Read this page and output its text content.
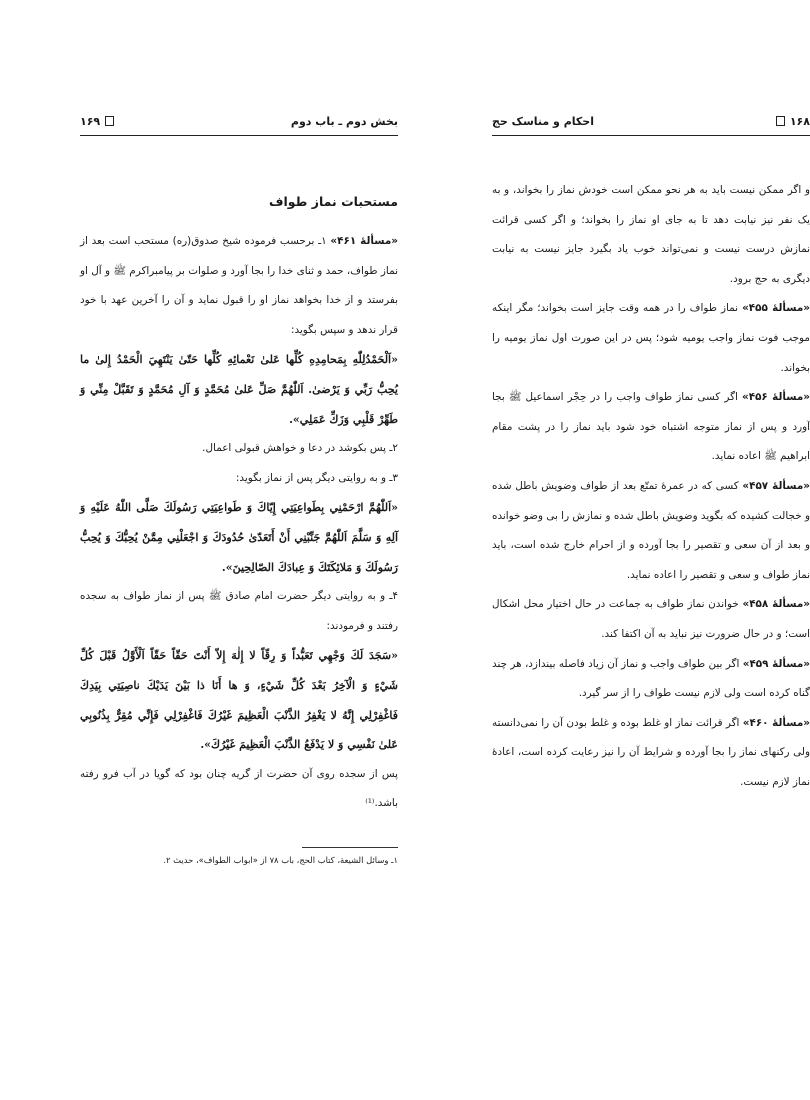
۱۶۸
احکام و مناسک حج

و اگر ممکن نیست باید به هر نحو ممکن است خودش نماز را بخواند، و به یک نفر نیز نیابت دهد تا به جای او نماز را بخواند؛ و اگر کسی قرائت نمازش درست نیست و نمی‌تواند خوب یاد بگیرد جایز نیست به نیابت دیگری به حج برود.

«مسألۀ ۴۵۵» نماز طواف را در همه وقت جایز است بخواند؛ مگر اینکه موجب فوت نماز واجب یومیه شود؛ پس در این صورت اول نماز یومیه را بخواند.

«مسألۀ ۴۵۶» اگر کسی نماز طواف واجب را در حِجْر اسماعیل ﷺ بجا آورد و پس از نماز متوجه اشتباه خود شود باید نماز را در پشت مقام ابراهیم ﷺ اعاده نماید.

«مسألۀ ۴۵۷» کسی که در عمرۀ تمتّع بعد از طواف وضویش باطل شده و خجالت کشیده که بگوید وضویش باطل شده و نمازش را بی وضو خوانده و بعد از آن سعی و تقصیر را بجا آورده و از احرام خارج شده است، باید نماز طواف و سعی و تقصیر را اعاده نماید.

«مسألۀ ۴۵۸» خواندن نماز طواف به جماعت در حال اختیار محل اشکال است؛ و در حال ضرورت نیز نباید به آن اکتفا کند.

«مسألۀ ۴۵۹» اگر بین طواف واجب و نماز آن زیاد فاصله بیندازد، هر چند گناه کرده است ولی لازم نیست طواف را از سر گیرد.

«مسألۀ ۴۶۰» اگر قرائت نماز او غلط بوده و غلط بودن آن را نمی‌دانسته ولی رکنهای نماز را بجا آورده و شرایط آن را نیز رعایت کرده است، اعادۀ نماز لازم نیست.

بخش دوم ـ باب دوم
۱۶۹
مستحبات نماز طواف

«مسألۀ ۴۶۱» ۱ـ برحسب فرموده شیخ صدوق(ره) مستحب است بعد از نماز طواف، حمد و ثنای خدا را بجا آورد و صلوات بر پیامبراکرم ﷺ و آل او بفرستد و از خدا بخواهد نماز او را قبول نماید و آن را آخرین عهد با خود قرار ندهد و سپس بگوید:

«اَلْحَمْدُلِلّٰهِ بِمَحامِدِهِ كُلِّها عَلىٰ نَعْمائِهِ كُلِّها حَتّىٰ يَنْتَهِيَ الْحَمْدُ إِلىٰ ما يُحِبُّ رَبِّي وَ يَرْضىٰ. اَللّٰهُمَّ صَلِّ عَلىٰ مُحَمَّدٍ وَ آلِ مُحَمَّدٍ وَ تَقَبَّلْ مِنِّي وَ طَهِّرْ قَلْبِي وَزَكِّ عَمَلِي».

۲ـ پس بکوشد در دعا و خواهش قبولی اعمال.

۳ـ و به روایتی دیگر پس از نماز بگوید:

«اَللّٰهُمَّ ارْحَمْنِي بِطَواعِيَتِي إِيّاكَ وَ طَواعِيَتِي رَسُولَكَ صَلَّى اللّٰهُ عَلَيْهِ وَ آلِهِ وَ سَلَّمَ اَللّٰهُمَّ جَنِّبْنِي أَنْ أَتَعَدّىٰ حُدُودَكَ وَ اجْعَلْنِي مِمَّنْ يُحِبُّكَ وَ يُحِبُّ رَسُولَكَ وَ مَلائِكَتَكَ وَ عِبادَكَ الصّالِحِينَ».

۴ـ و به روایتی دیگر حضرت امام صادق ﷺ پس از نماز طواف به سجده رفتند و فرمودند:

«سَجَدَ لَكَ وَجْهِي تَعَبُّداً وَ رِقّاً لا إِلٰهَ إِلاّ أَنْتَ حَقّاً حَقّاً اَلْأَوَّلُ قَبْلَ كُلِّ شَيْءٍ وَ الْآخِرُ بَعْدَ كُلِّ شَيْءٍ، وَ ها أَنَا ذا بَيْنَ يَدَيْكَ ناصِيَتِي بِيَدِكَ فَاغْفِرْلِي إِنَّهُ لا يَغْفِرُ الذَّنْبَ الْعَظِيمَ غَيْرُكَ فَاغْفِرْلِي فَإِنِّي مُقِرٌّ بِذُنُوبِي عَلىٰ نَفْسِي وَ لا يَدْفَعُ الذَّنْبَ الْعَظِيمَ غَيْرُكَ».

پس از سجده روی آن حضرت از گریه چنان بود که گویا در آب فرو رفته باشد.⁽¹⁾

۱ـ وسائل الشیعة، کتاب الحج، باب ۷۸ از «ابواب الطواف»، حدیث ۲.
